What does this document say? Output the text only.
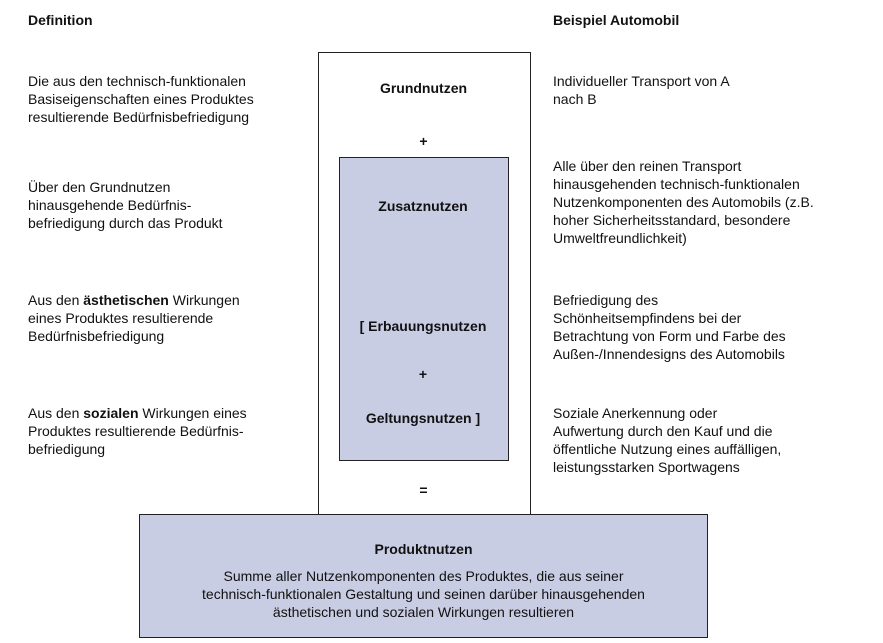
Definition	Beispiel Automobil
Grundnutzen
+
Zusatznutzen
[ Erbauungsnutzen
+
Geltungsnutzen ]
=
Die aus den technisch-funktionalen
Basiseigenschaften eines Produktes
resultierende Bedürfnisbefriedigung
Über den Grundnutzen
hinausgehende Bedürfnis-
befriedigung durch das Produkt
Aus den ästhetischen Wirkungen
eines Produktes resultierende
Bedürfnisbefriedigung
Aus den sozialen Wirkungen eines
Produktes resultierende Bedürfnis-
befriedigung
Individueller Transport von A
nach B
Alle über den reinen Transport
hinausgehenden technisch-funktionalen
Nutzenkomponenten des Automobils (z.B.
hoher Sicherheitsstandard, besondere
Umweltfreundlichkeit)
Befriedigung des
Schönheitsempfindens bei der
Betrachtung von Form und Farbe des
Außen-/Innendesigns des Automobils
Soziale Anerkennung oder
Aufwertung durch den Kauf und die
öffentliche Nutzung eines auffälligen,
leistungsstarken Sportwagens
Produktnutzen
Summe aller Nutzenkomponenten des Produktes, die aus seiner
technisch-funktionalen Gestaltung und seinen darüber hinausgehenden
ästhetischen und sozialen Wirkungen resultieren
